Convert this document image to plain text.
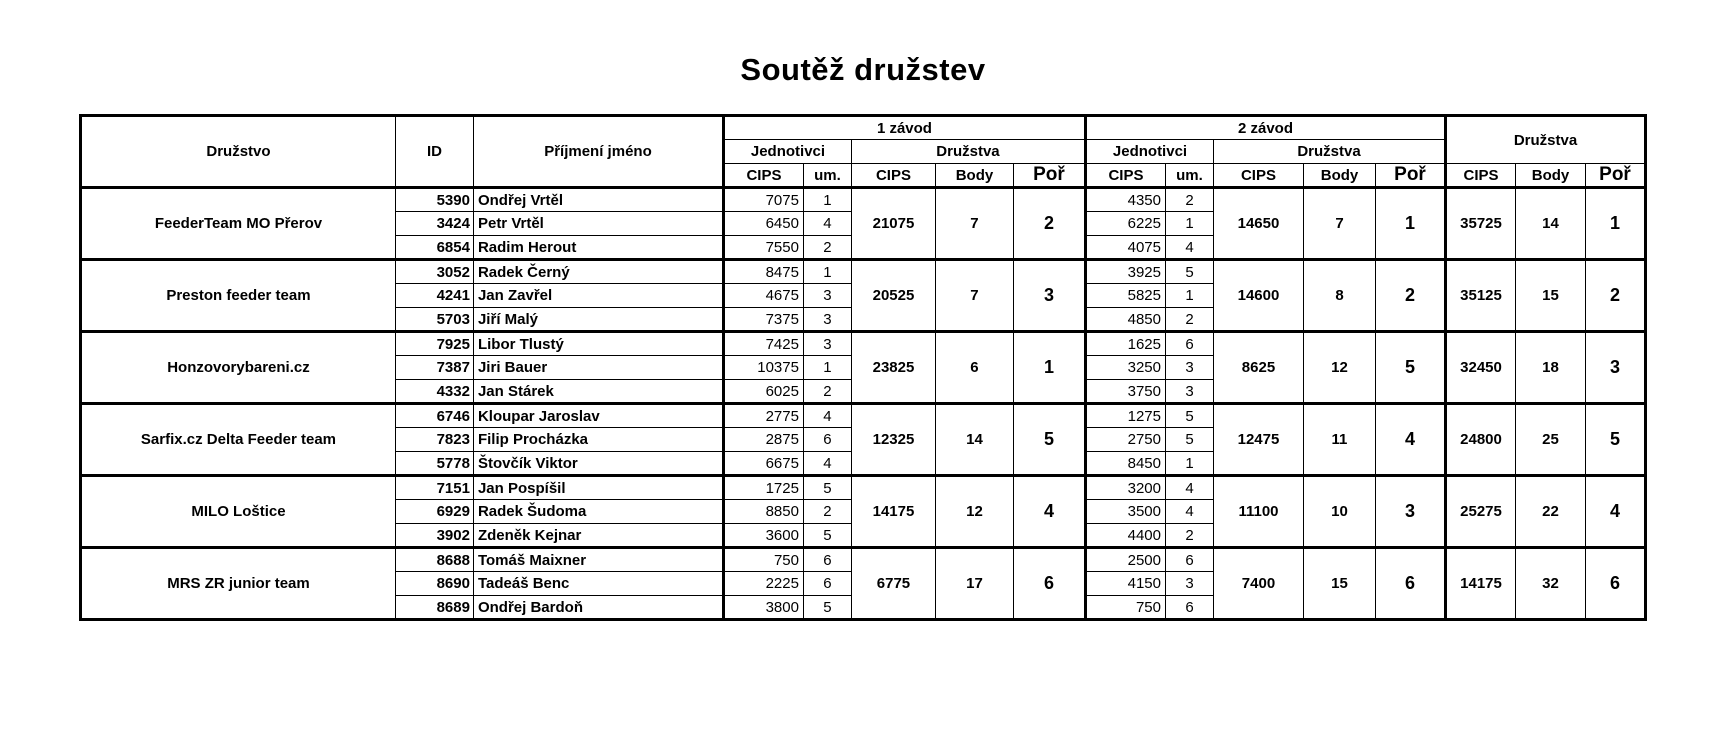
Soutěž družstev
Družstvo	ID	Příjmení jméno	1 závod					2 závod					Družstva		
			Jednotivci		Družstva			Jednotivci		Družstva					
			CIPS	um.	CIPS	Body	Poř	CIPS	um.	CIPS	Body	Poř	CIPS	Body	Poř
FeederTeam MO Přerov	5390	Ondřej Vrtěl	7075	1	21075	7	2	4350	2	14650	7	1	35725	14	1
	3424	Petr Vrtěl	6450	4				6225	1						
	6854	Radim Herout	7550	2				4075	4						
Preston feeder team	3052	Radek Černý	8475	1	20525	7	3	3925	5	14600	8	2	35125	15	2
	4241	Jan Zavřel	4675	3				5825	1						
	5703	Jiří Malý	7375	3				4850	2						
Honzovorybareni.cz	7925	Libor Tlustý	7425	3	23825	6	1	1625	6	8625	12	5	32450	18	3
	7387	Jiri Bauer	10375	1				3250	3						
	4332	Jan Stárek	6025	2				3750	3						
Sarfix.cz Delta Feeder team	6746	Kloupar Jaroslav	2775	4	12325	14	5	1275	5	12475	11	4	24800	25	5
	7823	Filip Procházka	2875	6				2750	5						
	5778	Štovčík Viktor	6675	4				8450	1						
MILO Loštice	7151	Jan Pospíšil	1725	5	14175	12	4	3200	4	11100	10	3	25275	22	4
	6929	Radek Šudoma	8850	2				3500	4						
	3902	Zdeněk Kejnar	3600	5				4400	2						
MRS ZR junior team	8688	Tomáš Maixner	750	6	6775	17	6	2500	6	7400	15	6	14175	32	6
	8690	Tadeáš Benc	2225	6				4150	3						
	8689	Ondřej Bardoň	3800	5				750	6						
